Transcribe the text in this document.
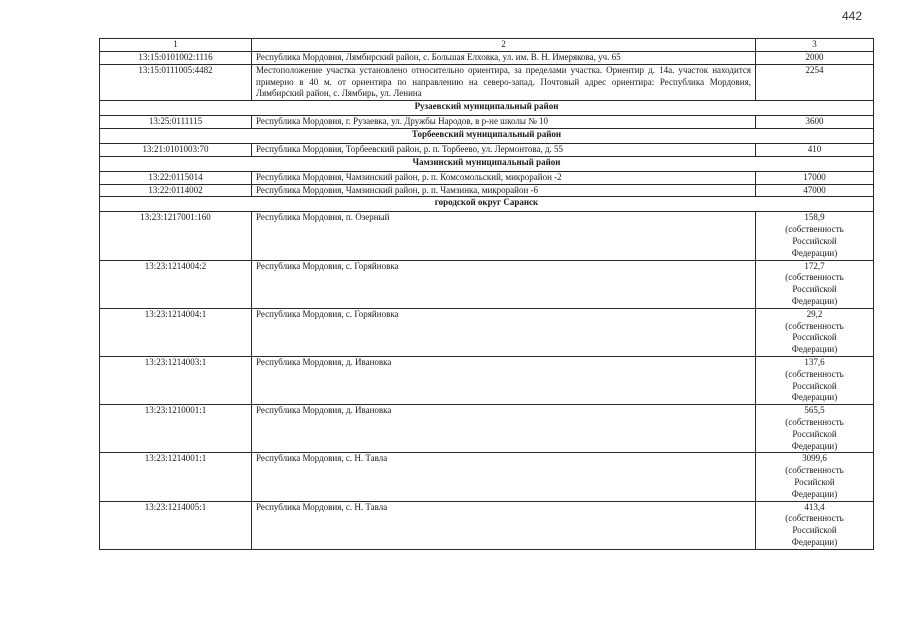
442
1	2	3
13:15:0101002:1116	Республика Мордовия, Лямбирский район, с. Большая Елховка, ул. им. В. Н. Имерякова, уч. 65	2000

13:15:0111005:4482	Местоположение участка установлено относительно ориентира, за пределами участка. Ориентир д. 14а. участок находится примерно в 40 м. от ориентира по направлению на северо-запад. Почтовый адрес ориентира: Республика Мордовия, Лямбирский район, с. Лямбирь, ул. Ленина	2254

Рузаевский муниципальный район		
13:25:0111115	Республика Мордовия, г. Рузаевка, ул. Дружбы Народов, в р-не школы № 10	3600

Торбеевский муниципальный район		
13:21:0101003:70	Республика Мордовия, Торбеевский район, р. п. Торбеево, ул. Лермонтова, д. 55	410

Чамзинский муниципальный район		
13:22:0115014	Республика Мордовия, Чамзинский район, р. п. Комсомольский, микрорайон -2	17000

13:22:0114002	Республика Мордовия, Чамзинский район, р. п. Чамзинка, микрорайон -6	47000

городской округ Саранск		
13:23:1217001:160	Республика Мордовия, п. Озерный	158,9
(собственность
Российской
Федерации)

13:23:1214004:2	Республика Мордовия, с. Горяйновка	172,7
(собственность
Российской
Федерации)

13:23:1214004:1	Республика Мордовия, с. Горяйновка	29,2
(собственность
Российской
Федерации)

13:23:1214003:1	Республика Мордовия, д. Ивановка	137,6
(собственность
Российской
Федерации)

13:23:1210001:1	Республика Мордовия, д. Ивановка	565,5
(собственность
Российской
Федерации)

13:23:1214001:1	Республика Мордовия, с. Н. Тавла	3099,6
(собственность
Росийской
Федерации)

13:23:1214005:1	Республика Мордовия, с. Н. Тавла	413,4
(собственность
Российской
Федерации)
